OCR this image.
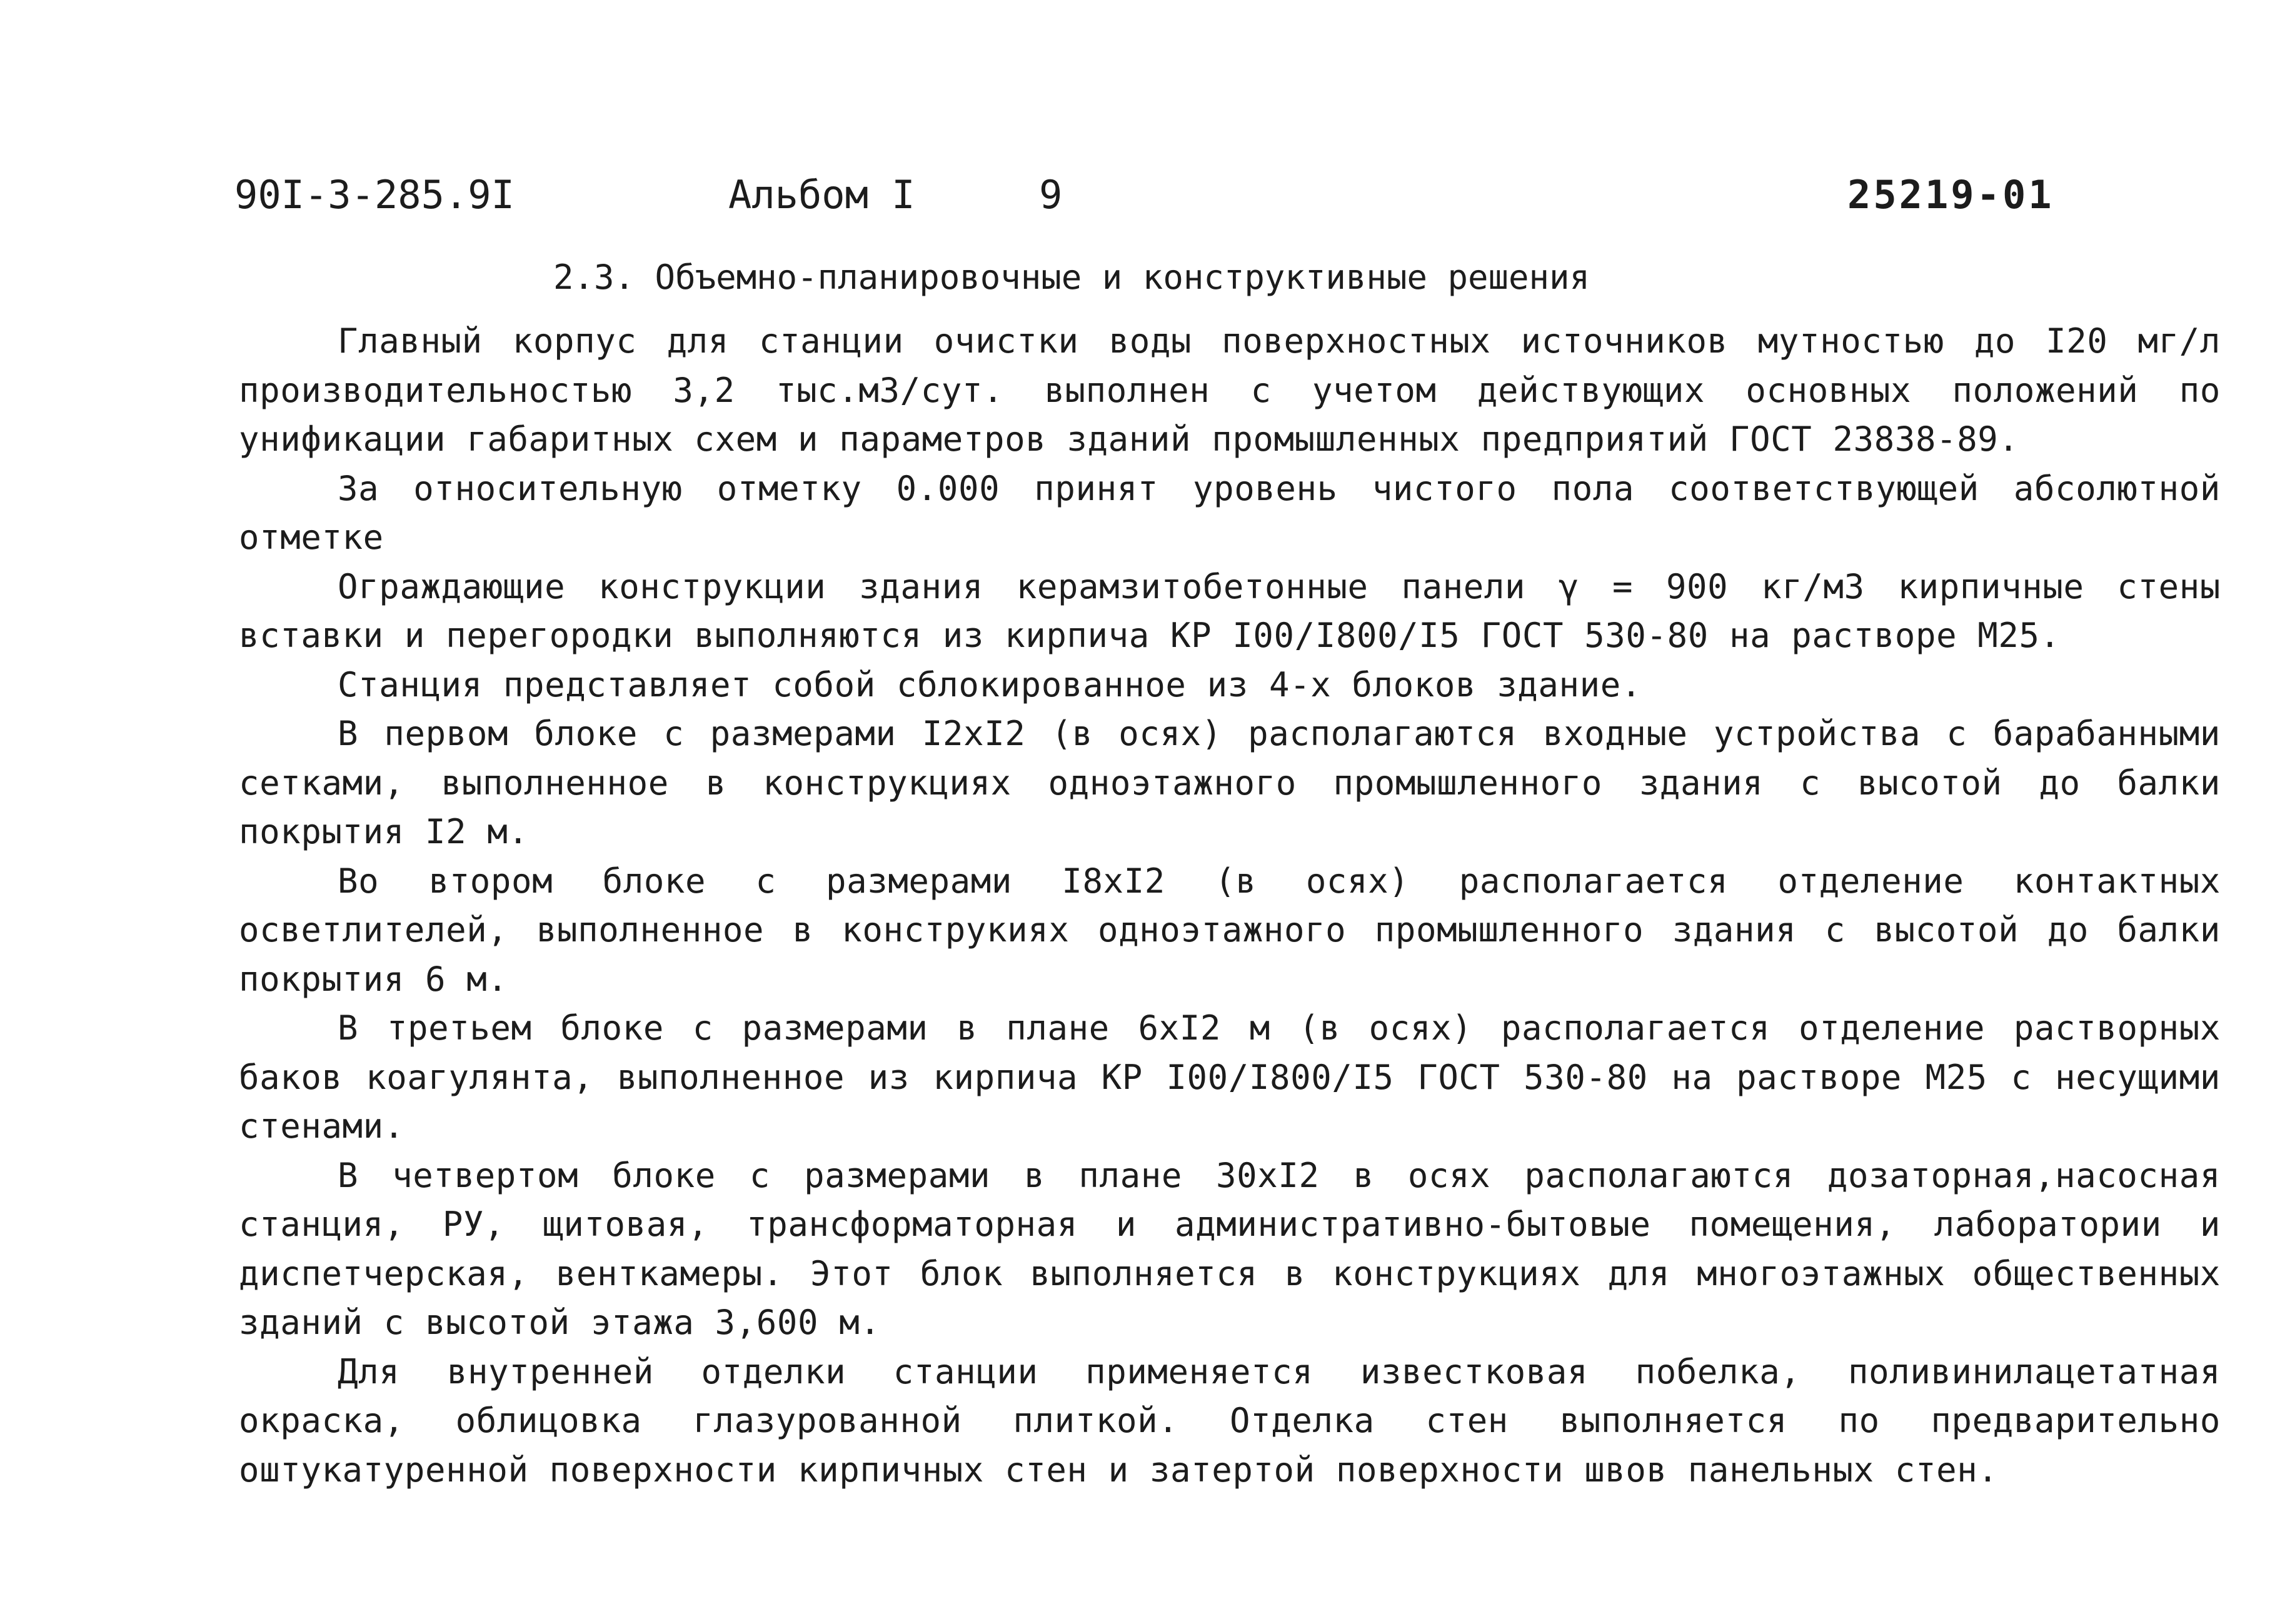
90I-3-285.9I	Альбом I	9	25219-01
2.3. Объемно-планировочные и конструктивные решения

Главный корпус для станции очистки воды поверхностных источников мутностью до I20 мг/л производительностью 3,2 тыс.м3/сут. выполнен с учетом действующих основных положений по унификации габаритных схем и параметров зданий промышленных предприятий ГОСТ 23838-89.

За относительную отметку 0.000 принят уровень чистого пола соответствующей абсолютной отметке

Ограждающие конструкции здания керамзитобетонные панели γ = 900 кг/м3 кирпичные стены вставки и перегородки выполняются из кирпича КР I00/I800/I5 ГОСТ 530-80 на растворе М25.

Станция представляет собой сблокированное из 4-х блоков здание.

В первом блоке с размерами I2xI2 (в осях) располагаются входные устройства с барабанными сетками, выполненное в конструкциях одноэтажного промышленного здания с высотой до балки покрытия I2 м.

Во втором блоке с размерами I8xI2 (в осях) располагается отделение контактных осветлителей, выполненное в конструкиях одноэтажного промышленного здания с высотой до балки покрытия 6 м.

В третьем блоке с размерами в плане 6xI2 м (в осях) располагается отделение растворных баков коагулянта, выполненное из кирпича КР I00/I800/I5 ГОСТ 530-80 на растворе М25 с несущими стенами.

В четвертом блоке с размерами в плане 30xI2 в осях располагаются дозаторная,насосная станция, РУ, щитовая, трансформаторная и административно-бытовые помещения, лаборатории и диспетчерская, венткамеры. Этот блок выполняется в конструкциях для многоэтажных общественных зданий с высотой этажа 3,600 м.

Для внутренней отделки станции применяется известковая побелка, поливинилацетатная окраска, облицовка глазурованной плиткой. Отделка стен выполняется по предварительно оштукатуренной поверхности кирпичных стен и затертой поверхности швов панельных стен.
